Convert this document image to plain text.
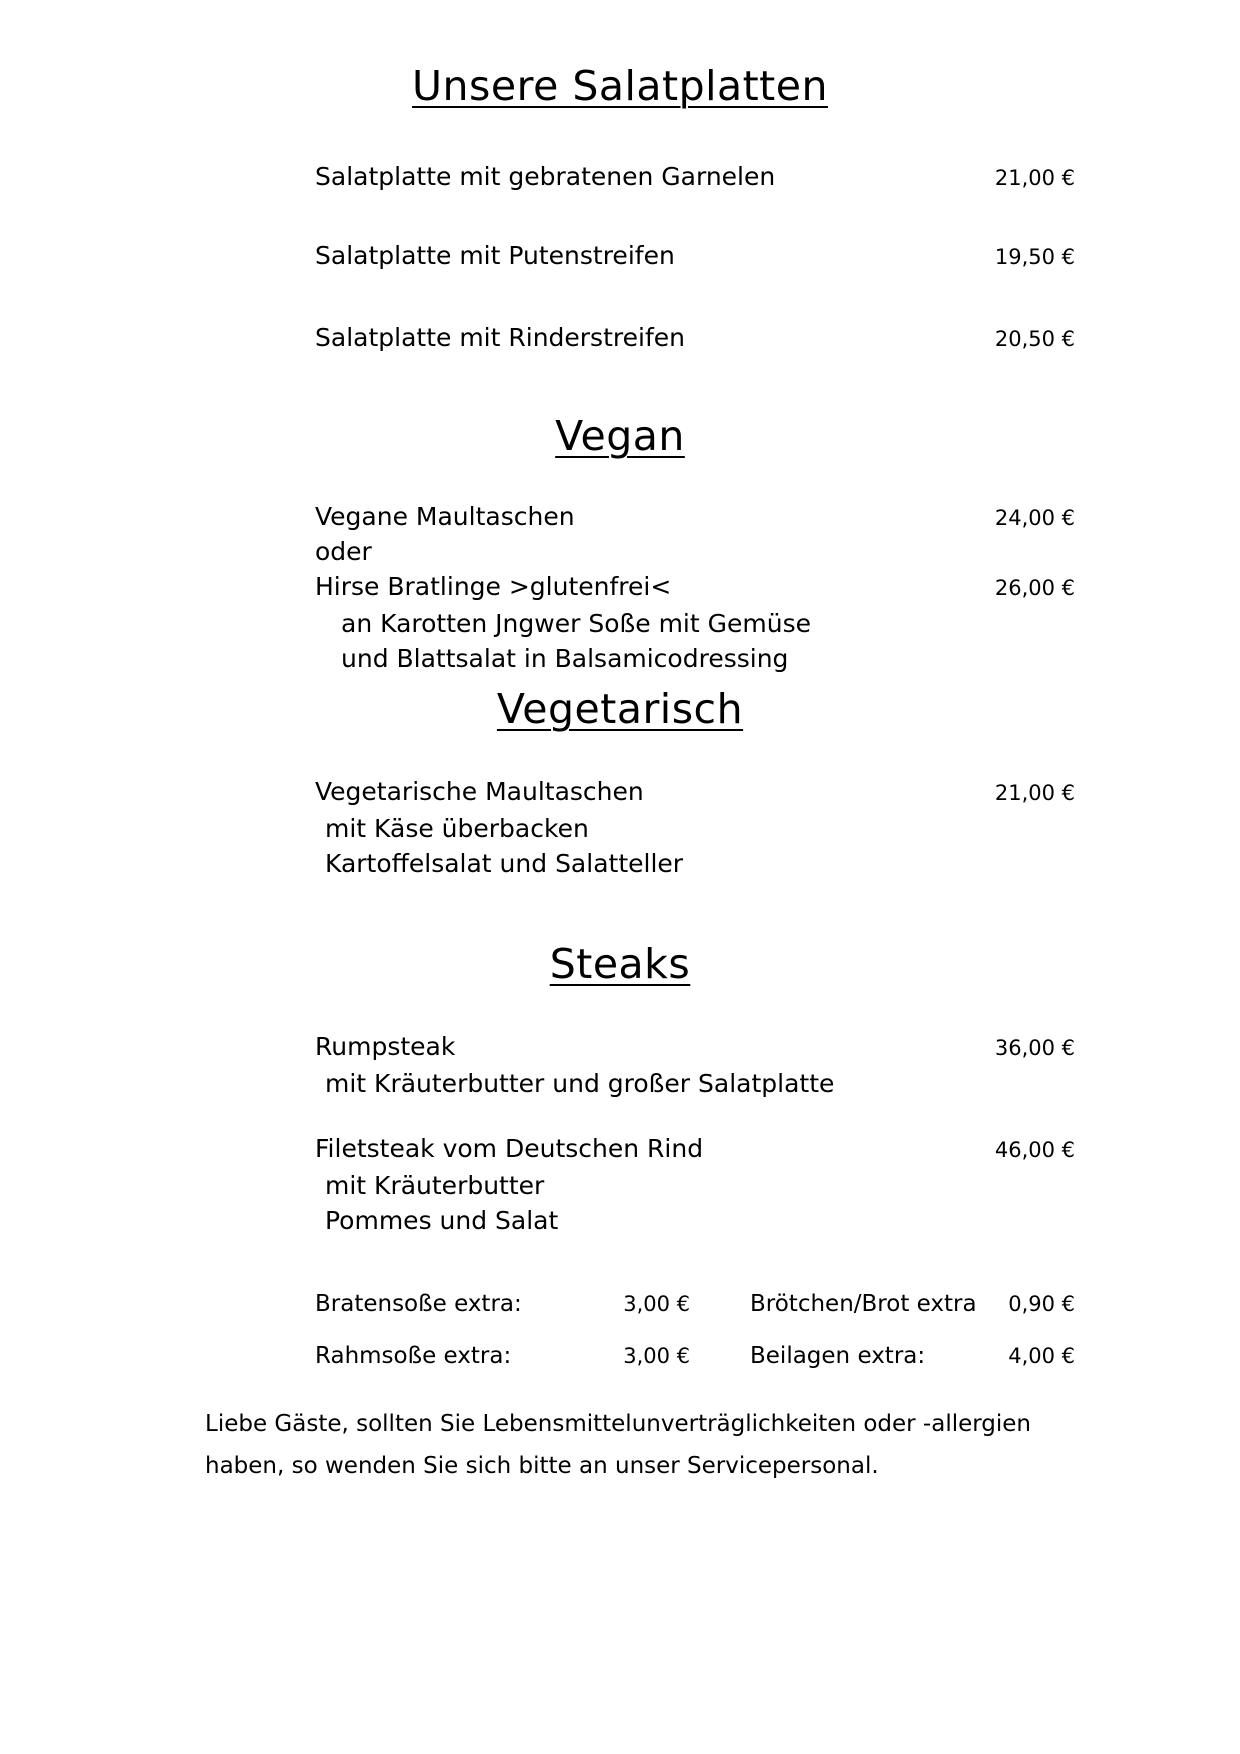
Unsere Salatplatten
Salatplatte mit gebratenen Garnelen	21,00 €
Salatplatte mit Putenstreifen	19,50 €
Salatplatte mit Rinderstreifen	20,50 €
Vegan
Vegane Maultaschen	24,00 €
oder
Hirse Bratlinge >glutenfrei<	26,00 €
an Karotten Jngwer Soße mit Gemüse
und Blattsalat in Balsamicodressing
Vegetarisch
Vegetarische Maultaschen	21,00 €
mit Käse überbacken
Kartoffelsalat und Salatteller
Steaks
Rumpsteak	36,00 €
mit Kräuterbutter und großer Salatplatte
Filetsteak vom Deutschen Rind	46,00 €
mit Kräuterbutter
Pommes und Salat
Bratensoße extra:	3,00 €	Brötchen/Brot extra	0,90 €
Rahmsoße extra:	3,00 €	Beilagen extra:	4,00 €
Liebe Gäste, sollten Sie Lebensmittelunverträglichkeiten oder -allergien
haben, so wenden Sie sich bitte an unser Servicepersonal.
